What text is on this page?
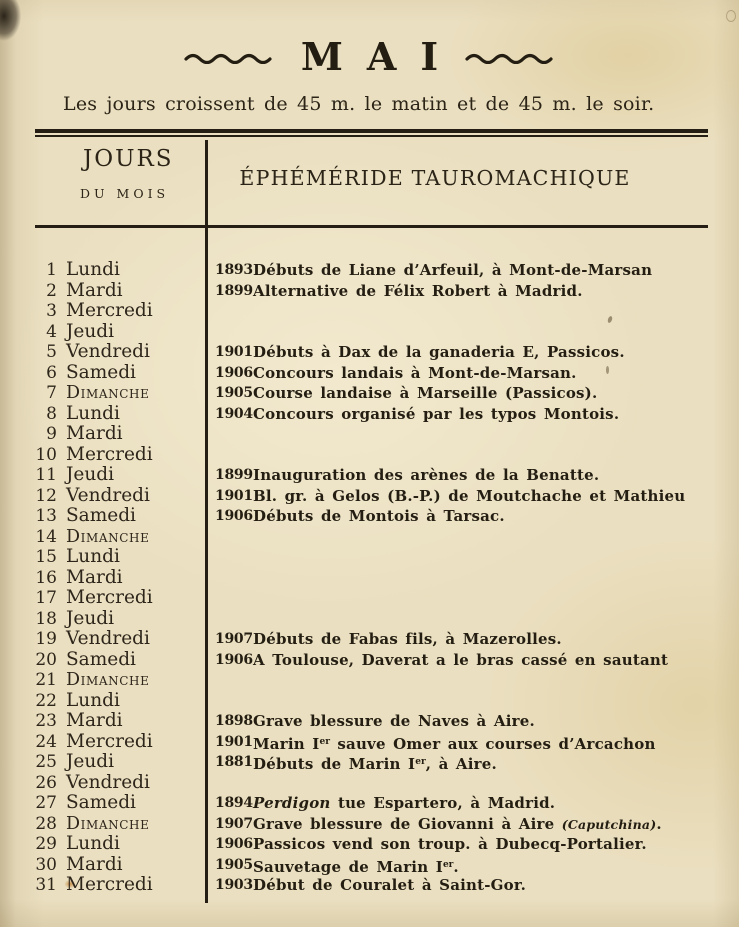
MAI

Les jours croissent de 45 m. le matin et de 45 m. le soir.

JOURS
DU MOIS
ÉPHÉMÉRIDE TAUROMACHIQUE
1 Lundi	1893 Débuts de Liane d’Arfeuil, à Mont-de-Marsan
2 Mardi	1899 Alternative de Félix Robert à Madrid.
3 Mercredi
4 Jeudi
5 Vendredi	1901 Débuts à Dax de la ganaderia E, Passicos.
6 Samedi	1906 Concours landais à Mont-de-Marsan.
7 Dimanche	1905 Course landaise à Marseille (Passicos).
8 Lundi	1904 Concours organisé par les typos Montois.
9 Mardi
10 Mercredi
11 Jeudi	1899 Inauguration des arènes de la Benatte.
12 Vendredi	1901 Bl. gr. à Gelos (B.-P.) de Moutchache et Mathieu
13 Samedi	1906 Débuts de Montois à Tarsac.
14 Dimanche
15 Lundi
16 Mardi
17 Mercredi
18 Jeudi
19 Vendredi	1907 Débuts de Fabas fils, à Mazerolles.
20 Samedi	1906 A Toulouse, Daverat a le bras cassé en sautant
21 Dimanche
22 Lundi
23 Mardi	1898 Grave blessure de Naves à Aire.
24 Mercredi	1901 Marin Ier sauve Omer aux courses d’Arcachon
25 Jeudi	1881 Débuts de Marin Ier, à Aire.
26 Vendredi
27 Samedi	1894 Perdigon tue Espartero, à Madrid.
28 Dimanche	1907 Grave blessure de Giovanni à Aire (Caputchina).
29 Lundi	1906 Passicos vend son troup. à Dubecq-Portalier.
30 Mardi	1905 Sauvetage de Marin Ier.
31 Mercredi	1903 Début de Couralet à Saint-Gor.
